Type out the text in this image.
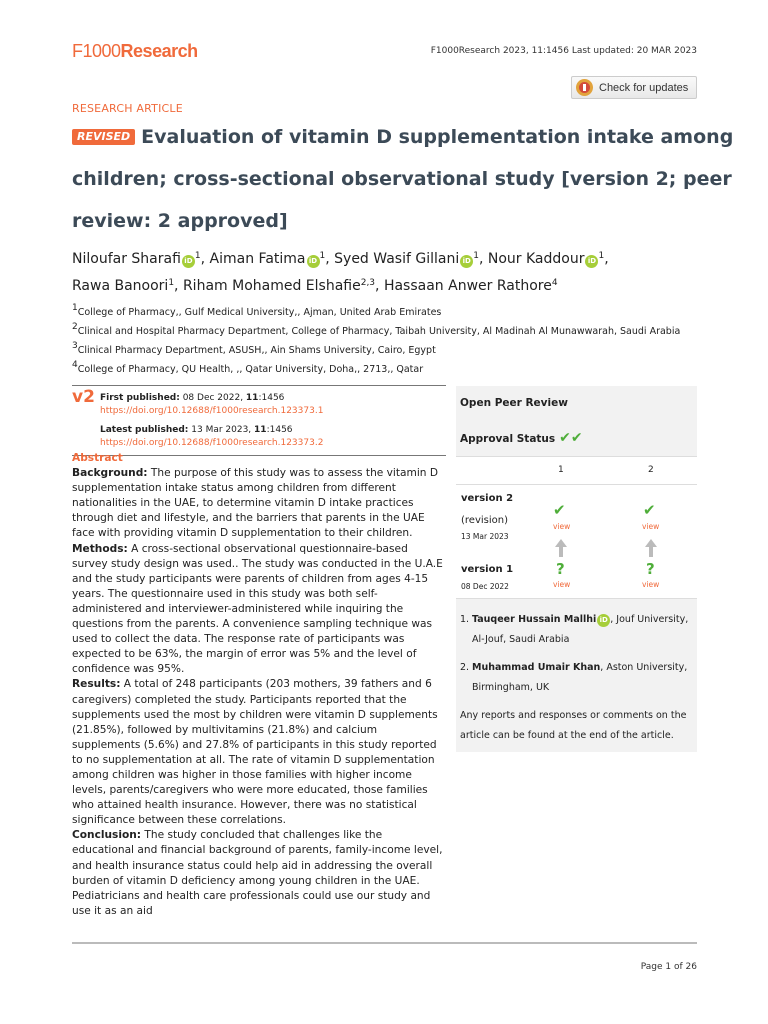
F1000Research	F1000Research 2023, 11:1456 Last updated: 20 MAR 2023
Check for updates
RESEARCH ARTICLE
REVISED Evaluation of vitamin D supplementation intake among
children; cross-sectional observational study [version 2; peer
review: 2 approved]
Niloufar Sharafi iD $^1$, Aiman Fatima iD $^1$, Syed Wasif Gillani iD $^1$, Nour Kaddour iD $^1$,
Rawa Banoori$^1$, Riham Mohamed Elshafie$^{2,3}$, Hassaan Anwer Rathore$^4$
1College of Pharmacy,, Gulf Medical University,, Ajman, United Arab Emirates
2Clinical and Hospital Pharmacy Department, College of Pharmacy, Taibah University, Al Madinah Al Munawwarah, Saudi Arabia
3Clinical Pharmacy Department, ASUSH,, Ain Shams University, Cairo, Egypt
4College of Pharmacy, QU Health, ,, Qatar University, Doha,, 2713,, Qatar
v2 First published: 08 Dec 2022, 11:1456
https://doi.org/10.12688/f1000research.123373.1
Latest published: 13 Mar 2023, 11:1456
https://doi.org/10.12688/f1000research.123373.2
Abstract
Background: The purpose of this study was to assess the vitamin D supplementation intake status among children from different nationalities in the UAE, to determine vitamin D intake practices through diet and lifestyle, and the barriers that parents in the UAE face with providing vitamin D supplementation to their children.
Methods: A cross-sectional observational questionnaire-based survey study design was used.. The study was conducted in the U.A.E and the study participants were parents of children from ages 4-15 years. The questionnaire used in this study was both self-administered and interviewer-administered while inquiring the questions from the parents. A convenience sampling technique was used to collect the data. The response rate of participants was expected to be 63%, the margin of error was 5% and the level of confidence was 95%.
Results: A total of 248 participants (203 mothers, 39 fathers and 6 caregivers) completed the study. Participants reported that the supplements used the most by children were vitamin D supplements (21.85%), followed by multivitamins (21.8%) and calcium supplements (5.6%) and 27.8% of participants in this study reported to no supplementation at all. The rate of vitamin D supplementation among children was higher in those families with higher income levels, parents/caregivers who were more educated, those families who attained health insurance. However, there was no statistical significance between these correlations.
Conclusion: The study concluded that challenges like the educational and financial background of parents, family-income level, and health insurance status could help aid in addressing the overall burden of vitamin D deficiency among young children in the UAE. Pediatricians and health care professionals could use our study and use it as an aid
Open Peer Review
Approval Status ✔✔
1	2
version 2
(revision)
13 Mar 2023
✔	✔
view	view
version 1
08 Dec 2022
?	?
view	view
1. Tauqeer Hussain Mallhi iD , Jouf University, Al-Jouf, Saudi Arabia
2. Muhammad Umair Khan, Aston University, Birmingham, UK
Any reports and responses or comments on the article can be found at the end of the article.
Page 1 of 26
